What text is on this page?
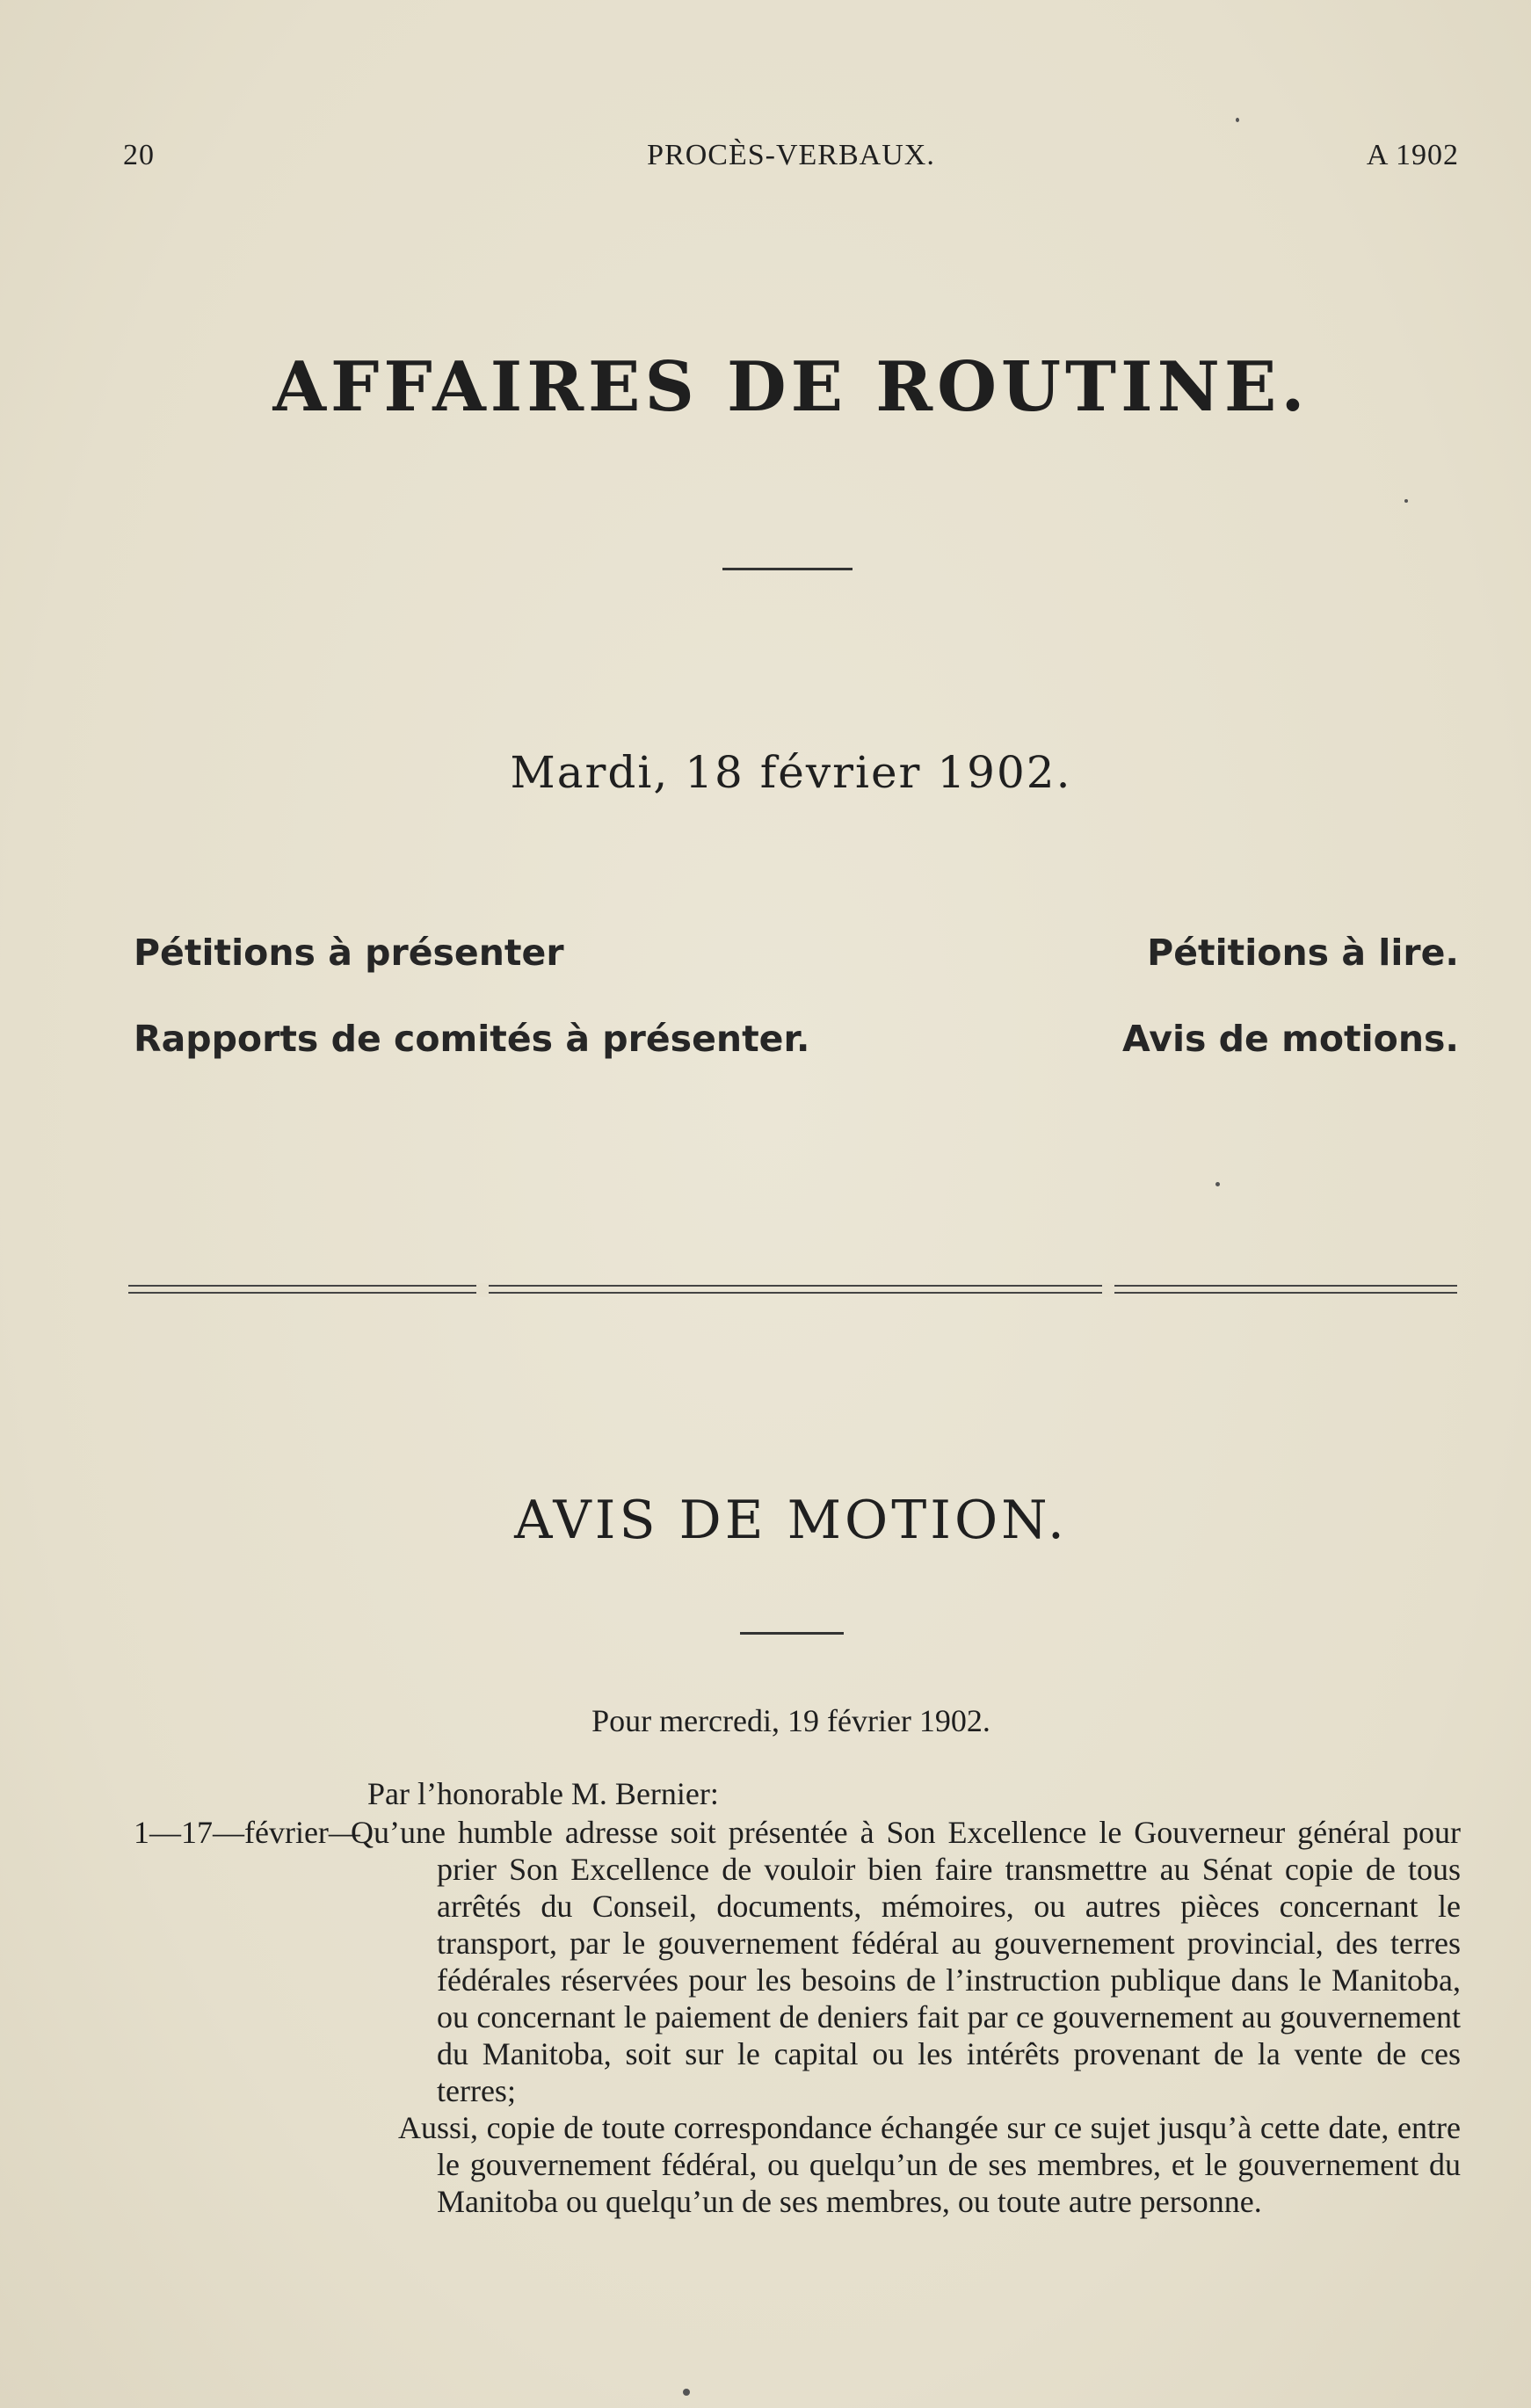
20	PROCÈS-VERBAUX.	A 1902
AFFAIRES DE ROUTINE.
Mardi, 18 février 1902.
Pétitions à présenter
Rapports de comités à présenter.
Pétitions à lire.
Avis de motions.
AVIS DE MOTION.
Pour mercredi, 19 février 1902.
Par l’honorable M. Bernier:
1—17—février—

Qu’une humble adresse soit présentée à Son Excellence le Gouverneur général pour prier Son Excellence de vouloir bien faire transmettre au Sénat copie de tous arrêtés du Conseil, documents, mémoires, ou autres pièces concernant le transport, par le gouvernement fédéral au gouvernement provincial, des terres fédérales réservées pour les besoins de l’instruction publique dans le Manitoba, ou concernant le paiement de deniers fait par ce gouvernement au gouvernement du Manitoba, soit sur le capital ou les intérêts provenant de la vente de ces terres;

Aussi, copie de toute correspondance échangée sur ce sujet jusqu’à cette date, entre le gouvernement fédéral, ou quelqu’un de ses membres, et le gouvernement du Manitoba ou quelqu’un de ses membres, ou toute autre personne.
